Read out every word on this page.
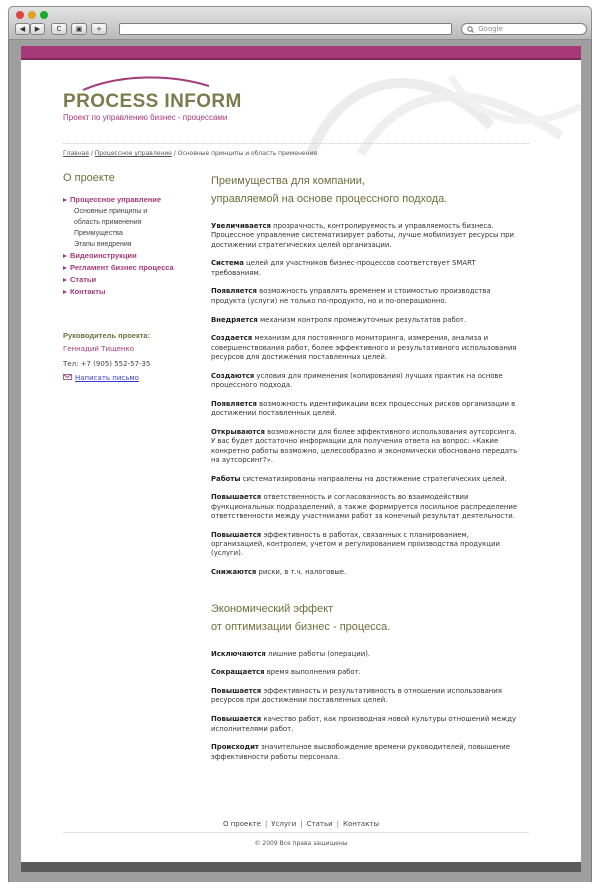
◀	▶	C	▣	+	Google
PROCESS INFORM
Проект по управлению бизнес - процессами
Главная / Процессное управление / Основные принципы и область применения
О проекте
Процессное управление
Основные принципы и
область применения
Преимущества
Этапы внедрения
Видеоинструкции
Регламент бизнес процесса
Статьи
Контакты
Руководитель проекта:
Геннадий Тищенко
Тел: +7 (905) 552-57-35
Написать письмо
Преимущества для компании,
управляемой на основе процессного подхода.

Увеличивается прозрачность, контролируемость и управляемость бизнеса. Процессное управление систематизирует работы, лучше мобилизует ресурсы при достижении стратегических целей организации.

Система целей для участников бизнес-процессов соответствует SMART требованиям.

Появляется возможность управлять временем и стоимостью производства продукта (услуги) не только по-продукто, но и по-операционно.

Внедряется механизм контроля промежуточных результатов работ.

Создается механизм для постоянного мониторинга, измерения, анализа и совершенствования работ, более эффективного и результативного использования ресурсов для достижения поставленных целей.

Создаются условия для применения (копирования) лучших практик на основе процессного подхода.

Появляется возможность идентификации всех процессных рисков организации в достижении поставленных целей.

Открываются возможности для более эффективного использования аутсорсинга. У вас будет достаточно информации для получения ответа на вопрос: «Какие конкретно работы возможно, целесообразно и экономически обосновано передать на аутсорсинг?».

Работы систематизированы направлены на достижение стратегических целей.

Повышается ответственность и согласованность во взаимодействии функциональных подразделений, а также формируется посильное распределение ответственности между участниками работ за конечный результат деятельности.

Повышается эффективность в работах, связанных с планированием, организацией, контролем, учетом и регулированием производства продукции (услуги).

Снижаются риски, в т.ч. налоговые.

Экономический эффект
от оптимизации бизнес - процесса.

Исключаются лишние работы (операции).

Сокращается время выполнения работ.

Повышается эффективность и результативность в отношении использования ресурсов при достижении поставленных целей.

Повышается качество работ, как производная новой культуры отношений между исполнителями работ.

Происходит значительное высвобождение времени руководителей, повышение эффективности работы персонала.

О проекте | Услуги | Статьи | Контакты
© 2009 Все права защищены
